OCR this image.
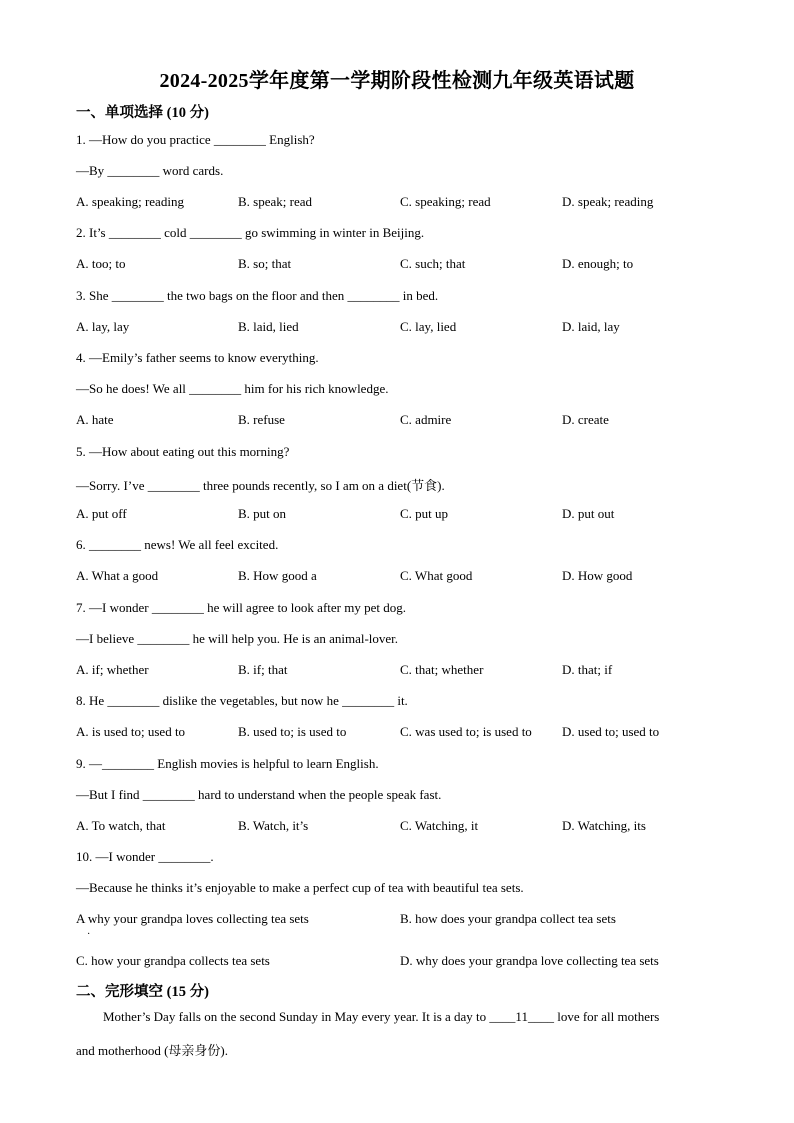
2024-2025学年度第一学期阶段性检测九年级英语试题
一、单项选择 (10 分)
1. —How do you practice ________ English?
—By ________ word cards.
A. speaking; reading	B. speak; read	C. speaking; read	D. speak; reading
2. It’s ________ cold ________ go swimming in winter in Beijing.
A. too; to	B. so; that	C. such; that	D. enough; to
3. She ________ the two bags on the floor and then ________ in bed.
A. lay, lay	B. laid, lied	C. lay, lied	D. laid, lay
4. —Emily’s father seems to know everything.
—So he does! We all ________ him for his rich knowledge.
A. hate	B. refuse	C. admire	D. create
5. —How about eating out this morning?
—Sorry. I’ve ________ three pounds recently, so I am on a diet(节食).
A. put off	B. put on	C. put up	D. put out
6. ________ news! We all feel excited.
A. What a good	B. How good a	C. What good	D. How good
7. —I wonder ________ he will agree to look after my pet dog.
—I believe ________ he will help you. He is an animal-lover.
A. if; whether	B. if; that	C. that; whether	D. that; if
8. He ________ dislike the vegetables, but now he ________ it.
A. is used to; used to	B. used to; is used to	C. was used to; is used to D. used to; used to
9. —________ English movies is helpful to learn English.
—But I find ________ hard to understand when the people speak fast.
A. To watch, that	B. Watch, it’s	C. Watching, it	D. Watching, its
10. —I wonder ________.
—Because he thinks it’s enjoyable to make a perfect cup of tea with beautiful tea sets.
A why your grandpa loves collecting tea sets
·
B. how does your grandpa collect tea sets
C. how your grandpa collects tea sets	D. why does your grandpa love collecting tea sets
二、完形填空 (15 分)
Mother’s Day falls on the second Sunday in May every year. It is a day to ____11____ love for all mothers
and motherhood (母亲身份).
